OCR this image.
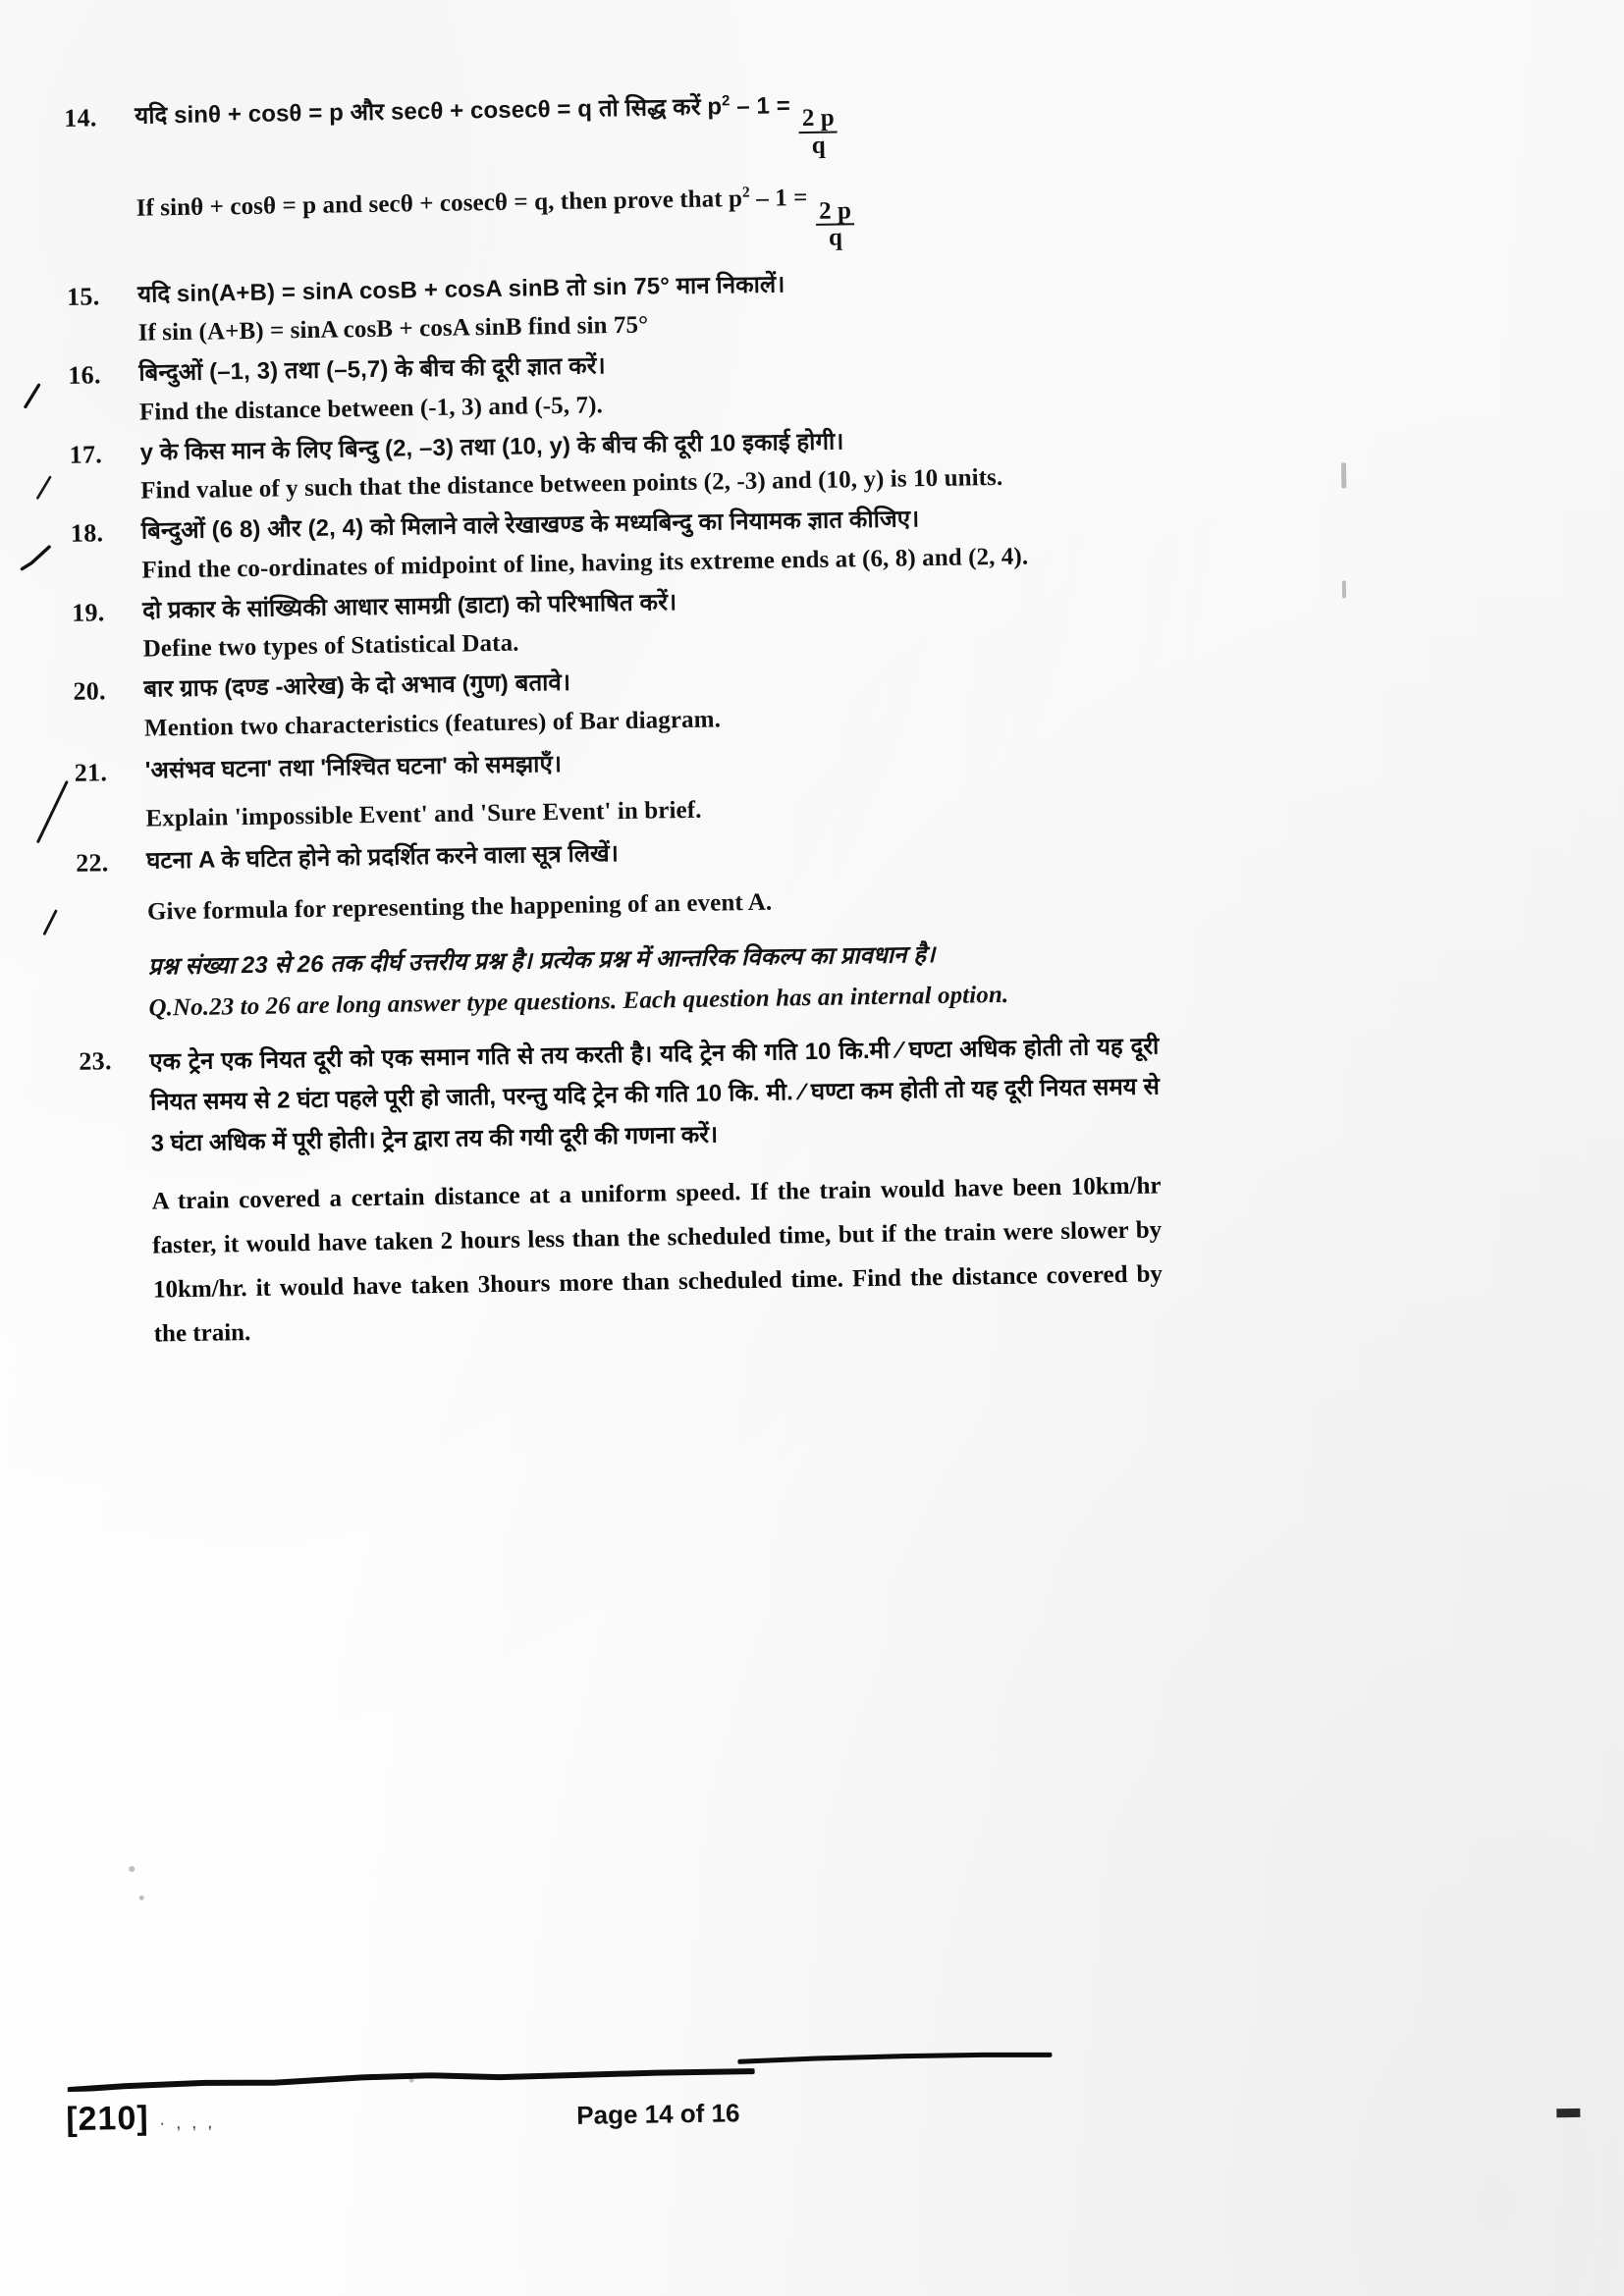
14.	यदि sinθ + cosθ = p और secθ + cosecθ = q तो सिद्ध करें $p^2 - 1 = \frac{2 p}{q}$

If sinθ + cosθ = p and secθ + cosecθ = q, then prove that $p^2 - 1$ =
$\frac{2 p}{q}$

15.	यदि sin(A+B) = sinA cosB + cosA sinB तो sin 75° मान निकालें।

If sin (A+B) = sinA cosB + cosA sinB find sin 75°

16.	बिन्दुओं (–1, 3) तथा (–5,7) के बीच की दूरी ज्ञात करें।

Find the distance between (-1, 3) and (-5, 7).

17.	y के किस मान के लिए बिन्दु (2, –3) तथा (10, y) के बीच की दूरी 10 इकाई होगी।

Find value of y such that the distance between points (2, -3) and (10, y) is 10 units.

18.	बिन्दुओं (6 8) और (2, 4) को मिलाने वाले रेखाखण्ड के मध्यबिन्दु का नियामक ज्ञात कीजिए।

Find the co-ordinates of midpoint of line, having its extreme ends at (6, 8) and (2, 4).

19.	दो प्रकार के सांख्यिकी आधार सामग्री (डाटा) को परिभाषित करें।

Define two types of Statistical Data.

20.	बार ग्राफ (दण्ड -आरेख) के दो अभाव (गुण) बतावे।

Mention two characteristics (features) of Bar diagram.

21.	'असंभव घटना' तथा 'निश्चित घटना' को समझाएँ।

Explain 'impossible Event' and 'Sure Event' in brief.

22.	घटना A के घटित होने को प्रदर्शित करने वाला सूत्र लिखें।

Give formula for representing the happening of an event A.

प्रश्न संख्या 23 से 26 तक दीर्घ उत्तरीय प्रश्न है। प्रत्येक प्रश्न में आन्तरिक विकल्प का प्रावधान है।

Q.No.23 to 26 are long answer type questions. Each question has an internal option.

23.	एक ट्रेन एक नियत दूरी को एक समान गति से तय करती है। यदि ट्रेन की गति 10 कि.मी ⁄ घण्टा अधिक होती तो यह दूरी नियत समय से 2 घंटा पहले पूरी हो जाती, परन्तु यदि ट्रेन की गति 10 कि. मी. ⁄ घण्टा कम होती तो यह दूरी नियत समय से 3 घंटा अधिक में पूरी होती। ट्रेन द्वारा तय की गयी दूरी की गणना करें।

A train covered a certain distance at a uniform speed. If the train would have been 10km/hr faster, it would have taken 2 hours less than the scheduled time, but if the train were slower by 10km/hr. it would have taken 3hours more than scheduled time. Find the distance covered by the train.

[210] · , , ,	Page 14 of 16
